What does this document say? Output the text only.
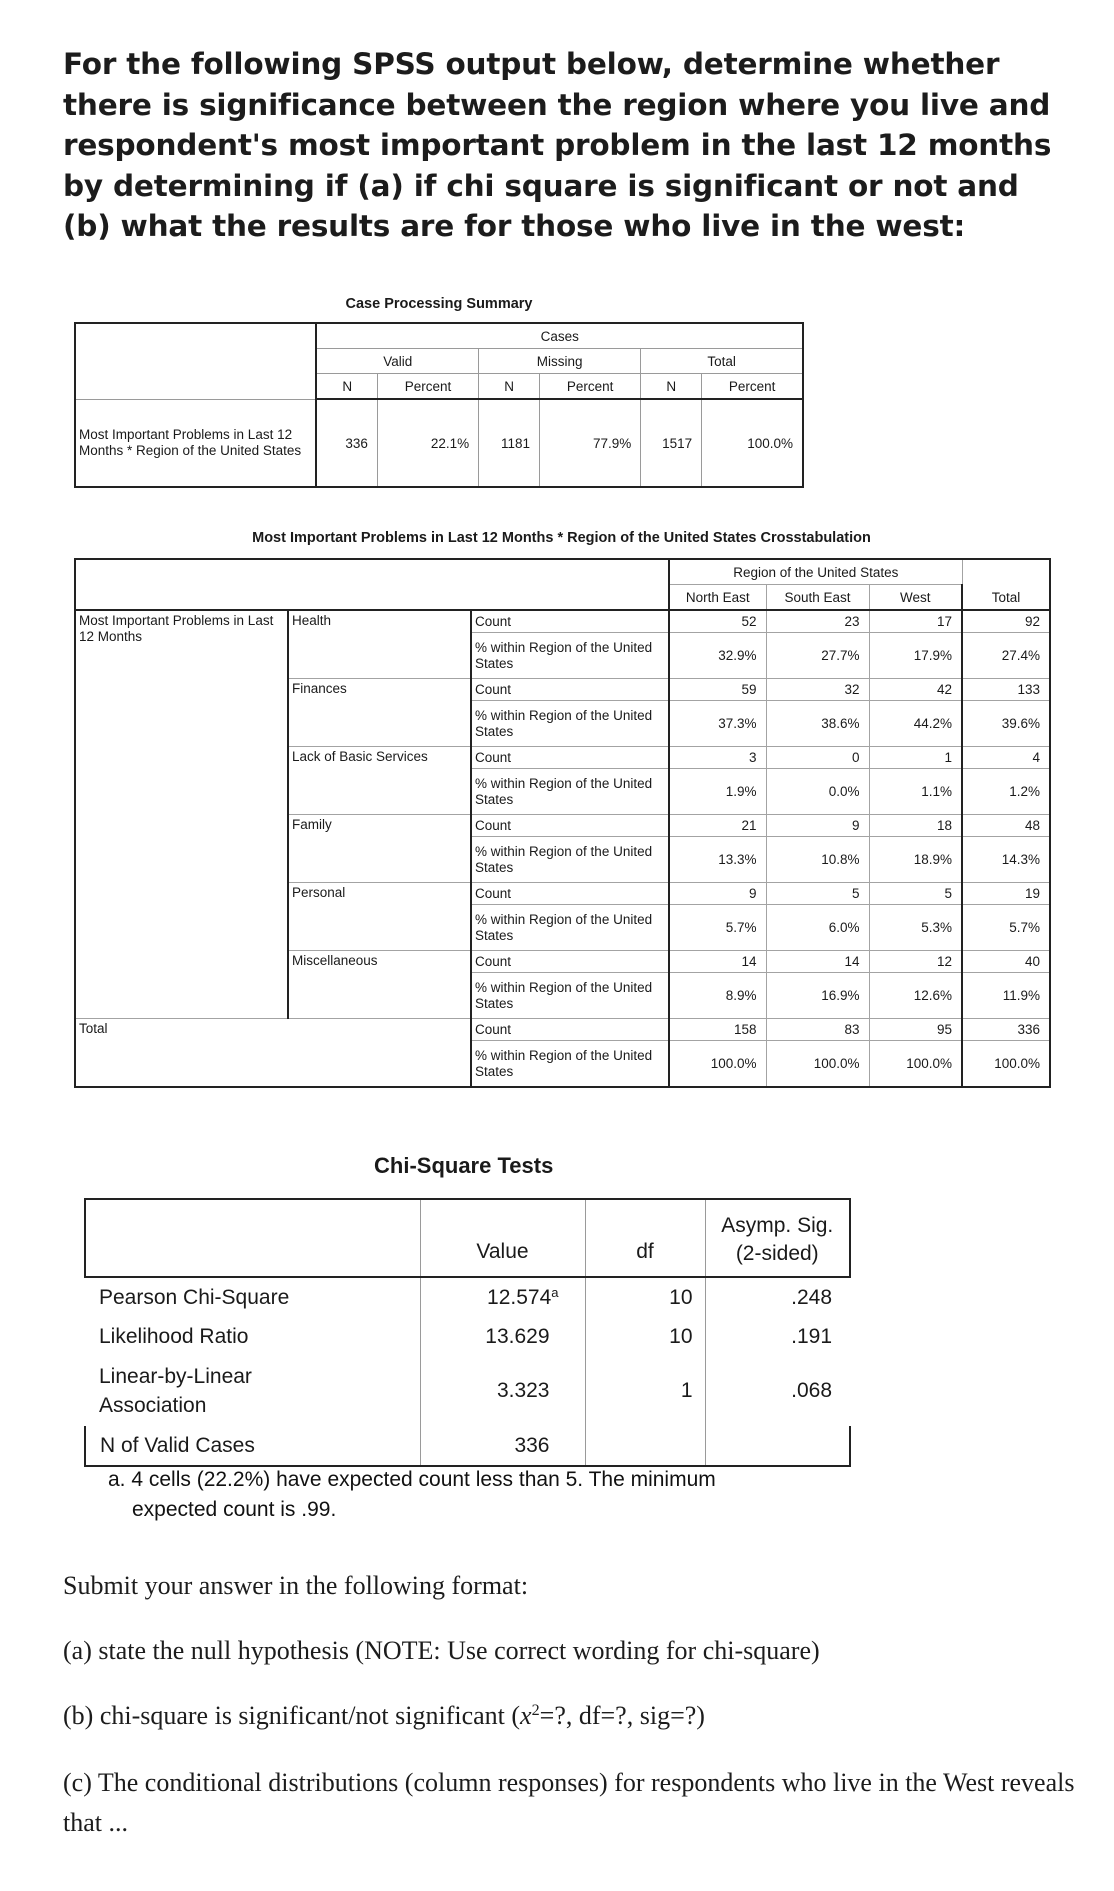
For the following SPSS output below, determine whether there is significance between the region where you live and respondent's most important problem in the last 12 months by determining if (a) if chi square is significant or not and (b) what the results are for those who live in the west:
Case Processing Summary
	Cases					
	Valid		Missing		Total	
	N	Percent	N	Percent	N	Percent
Most Important Problems in Last 12 Months * Region of the United States	336	22.1%	1181	77.9%	1517	100.0%
Most Important Problems in Last 12 Months * Region of the United States Crosstabulation
			Region of the United States			Total
			North East	South East	West	
Most Important Problems in Last 12 Months	Health	Count	52	23	17	92
		% within Region of the United States	32.9%	27.7%	17.9%	27.4%
	Finances	Count	59	32	42	133
		% within Region of the United States	37.3%	38.6%	44.2%	39.6%
	Lack of Basic Services	Count	3	0	1	4
		% within Region of the United States	1.9%	0.0%	1.1%	1.2%
	Family	Count	21	9	18	48
		% within Region of the United States	13.3%	10.8%	18.9%	14.3%
	Personal	Count	9	5	5	19
		% within Region of the United States	5.7%	6.0%	5.3%	5.7%
	Miscellaneous	Count	14	14	12	40
		% within Region of the United States	8.9%	16.9%	12.6%	11.9%
Total		Count	158	83	95	336
		% within Region of the United States	100.0%	100.0%	100.0%	100.0%
Chi-Square Tests
	Value	df	Asymp. Sig.
(2-sided)

Pearson Chi-Square	12.574$^a$	10	.248
Likelihood Ratio	13.629	10	.191

Linear-by-Linear
Association	3.323	1	.068
N of Valid Cases	336		
a. 4 cells (22.2%) have expected count less than 5. The minimum
expected count is .99.
Submit your answer in the following format:
(a) state the null hypothesis (NOTE: Use correct wording for chi-square)
(b) chi-square is significant/not significant ($x^2=$?, df=?, sig=?)
(c) The conditional distributions (column responses) for respondents who live in the West reveals that ...
